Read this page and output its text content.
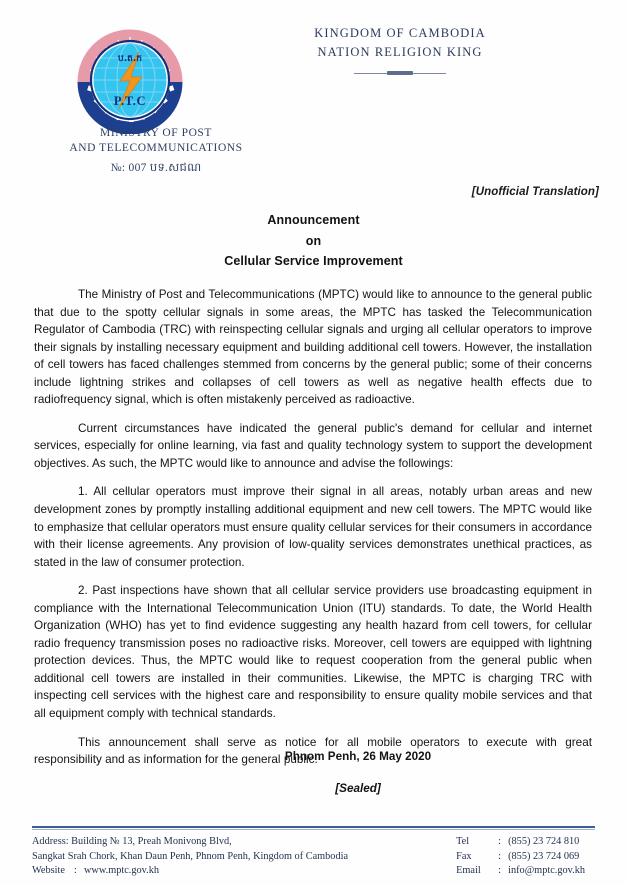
ប.ត.ក
P.T.C
MINISTRY OF POST
AND TELECOMMUNICATIONS
№: 007 បទ.សជណ
KINGDOM OF CAMBODIA
NATION RELIGION KING
[Unofficial Translation]
Announcement
on
Cellular Service Improvement

The Ministry of Post and Telecommunications (MPTC) would like to announce to the general public that due to the spotty cellular signals in some areas, the MPTC has tasked the Telecommunication Regulator of Cambodia (TRC) with reinspecting cellular signals and urging all cellular operators to improve their signals by installing necessary equipment and building additional cell towers. However, the installation of cell towers has faced challenges stemmed from concerns by the general public; some of their concerns include lightning strikes and collapses of cell towers as well as negative health effects due to radiofrequency signal, which is often mistakenly perceived as radioactive.

Current circumstances have indicated the general public's demand for cellular and internet services, especially for online learning, via fast and quality technology system to support the development objectives. As such, the MPTC would like to announce and advise the followings:

1. All cellular operators must improve their signal in all areas, notably urban areas and new development zones by promptly installing additional equipment and new cell towers. The MPTC would like to emphasize that cellular operators must ensure quality cellular services for their consumers in accordance with their license agreements. Any provision of low-quality services demonstrates unethical practices, as stated in the law of consumer protection.

2. Past inspections have shown that all cellular service providers use broadcasting equipment in compliance with the International Telecommunication Union (ITU) standards. To date, the World Health Organization (WHO) has yet to find evidence suggesting any health hazard from cell towers, for cellular radio frequency transmission poses no radioactive risks. Moreover, cell towers are equipped with lightning protection devices. Thus, the MPTC would like to request cooperation from the general public when additional cell towers are installed in their communities. Likewise, the MPTC is charging TRC with inspecting cell services with the highest care and responsibility to ensure quality mobile services and that all equipment comply with technical standards.

This announcement shall serve as notice for all mobile operators to execute with great responsibility and as information for the general public.

Phnom Penh, 26 May 2020
[Sealed]
Address: Building № 13, Preah Monivong Blvd,
Sangkat Srah Chork, Khan Daun Penh, Phnom Penh, Kingdom of Cambodia
Website : www.mptc.gov.kh
Tel	: (855) 23 724 810
Fax	: (855) 23 724 069
Email	: info@mptc.gov.kh
